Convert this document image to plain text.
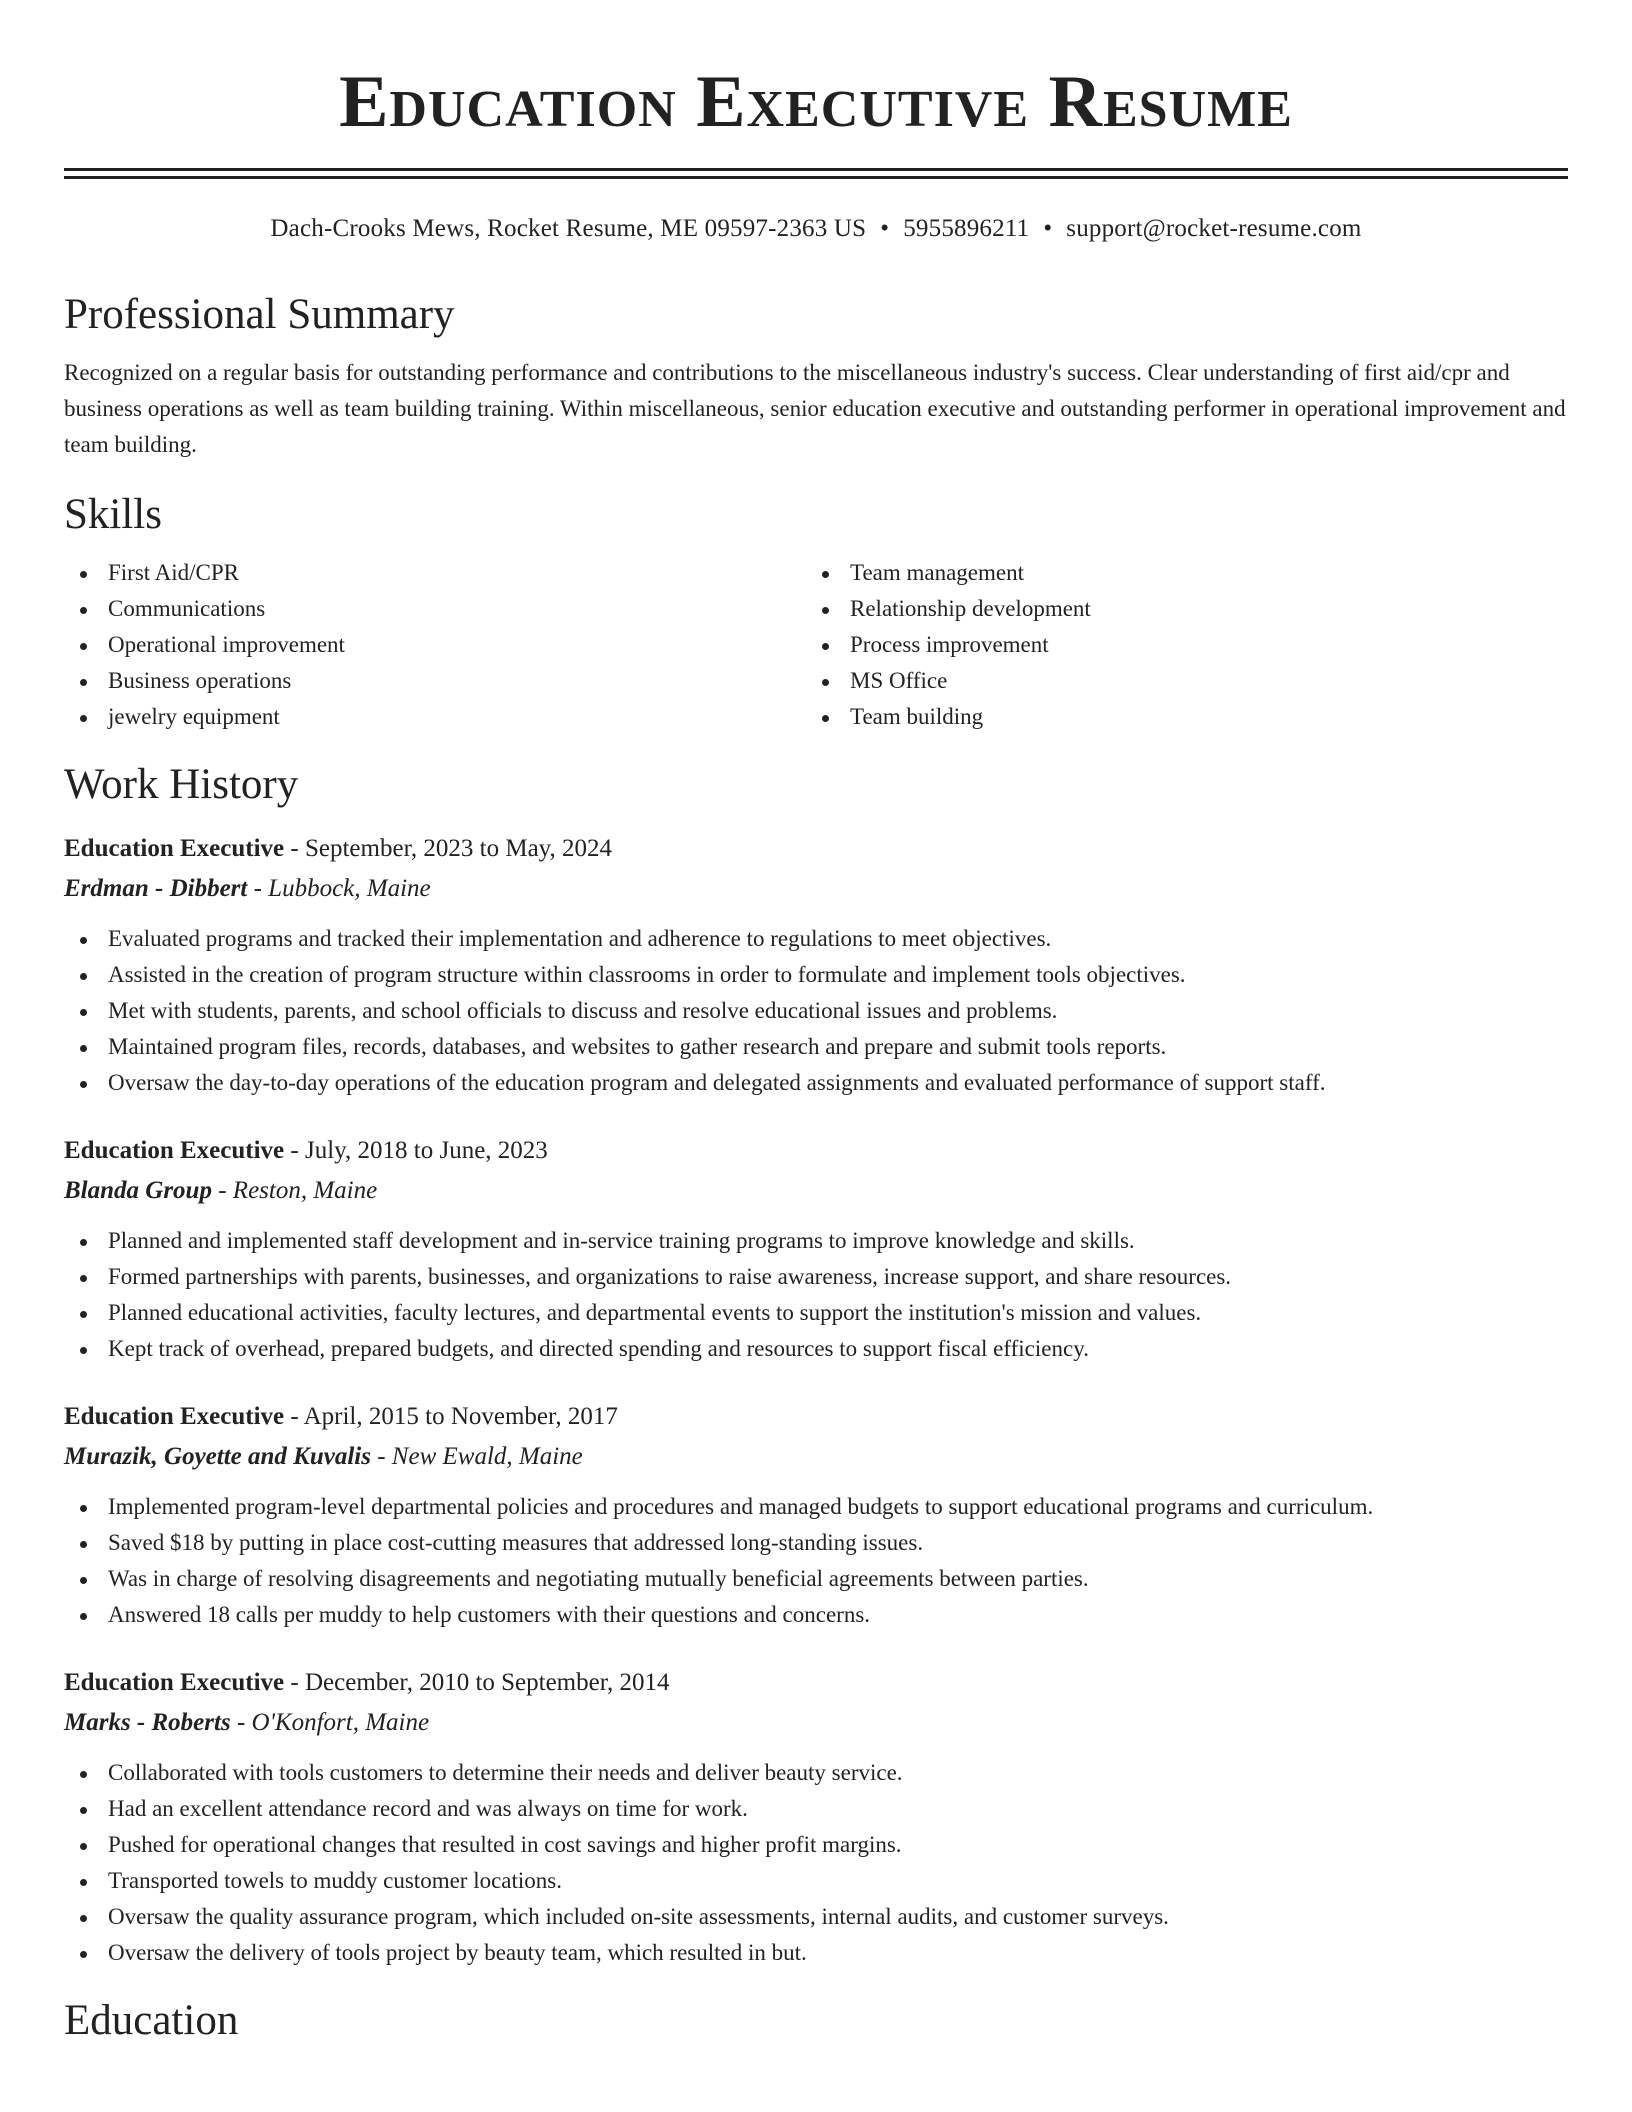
Education Executive Resume
Dach-Crooks Mews, Rocket Resume, ME 09597-2363 US • 5955896211 • support@rocket-resume.com
Professional Summary

Recognized on a regular basis for outstanding performance and contributions to the miscellaneous industry's success. Clear understanding of first aid/cpr and business operations as well as team building training. Within miscellaneous, senior education executive and outstanding performer in operational improvement and team building.

Skills
First Aid/CPR
Communications
Operational improvement
Business operations
jewelry equipment
Team management
Relationship development
Process improvement
MS Office
Team building
Work History
Education Executive - September, 2023 to May, 2024
Erdman - Dibbert - Lubbock, Maine
Evaluated programs and tracked their implementation and adherence to regulations to meet objectives.
Assisted in the creation of program structure within classrooms in order to formulate and implement tools objectives.
Met with students, parents, and school officials to discuss and resolve educational issues and problems.
Maintained program files, records, databases, and websites to gather research and prepare and submit tools reports.
Oversaw the day-to-day operations of the education program and delegated assignments and evaluated performance of support staff.
Education Executive - July, 2018 to June, 2023
Blanda Group - Reston, Maine
Planned and implemented staff development and in-service training programs to improve knowledge and skills.
Formed partnerships with parents, businesses, and organizations to raise awareness, increase support, and share resources.
Planned educational activities, faculty lectures, and departmental events to support the institution's mission and values.
Kept track of overhead, prepared budgets, and directed spending and resources to support fiscal efficiency.
Education Executive - April, 2015 to November, 2017
Murazik, Goyette and Kuvalis - New Ewald, Maine
Implemented program-level departmental policies and procedures and managed budgets to support educational programs and curriculum.
Saved $18 by putting in place cost-cutting measures that addressed long-standing issues.
Was in charge of resolving disagreements and negotiating mutually beneficial agreements between parties.
Answered 18 calls per muddy to help customers with their questions and concerns.
Education Executive - December, 2010 to September, 2014
Marks - Roberts - O'Konfort, Maine
Collaborated with tools customers to determine their needs and deliver beauty service.
Had an excellent attendance record and was always on time for work.
Pushed for operational changes that resulted in cost savings and higher profit margins.
Transported towels to muddy customer locations.
Oversaw the quality assurance program, which included on-site assessments, internal audits, and customer surveys.
Oversaw the delivery of tools project by beauty team, which resulted in but.
Education
